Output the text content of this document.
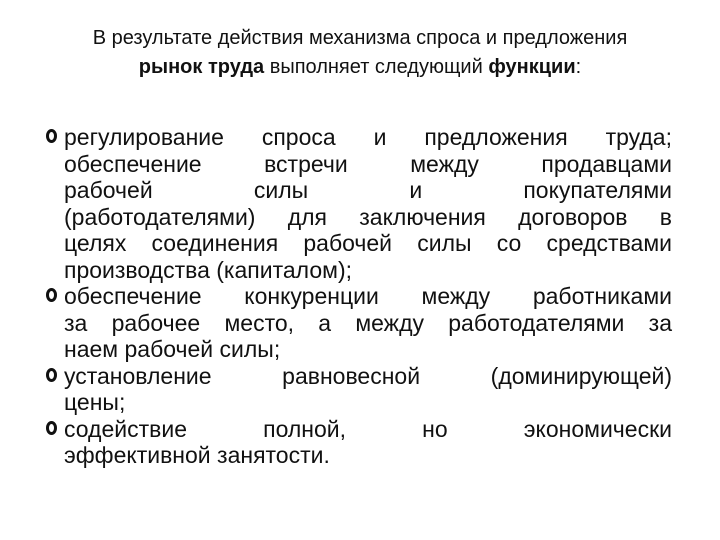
В результате действия механизма спроса и предложения рынок труда выполняет следующий функции:
регулирование спроса и предложения труда;
обеспечение встречи между продавцами
рабочей силы и покупателями
(работодателями) для заключения договоров в
целях соединения рабочей силы со средствами
производства (капиталом);
обеспечение конкуренции между работниками
за рабочее место, а между работодателями за
наем рабочей силы;
установление равновесной (доминирующей)
цены;
содействие полной, но экономически
эффективной занятости.
